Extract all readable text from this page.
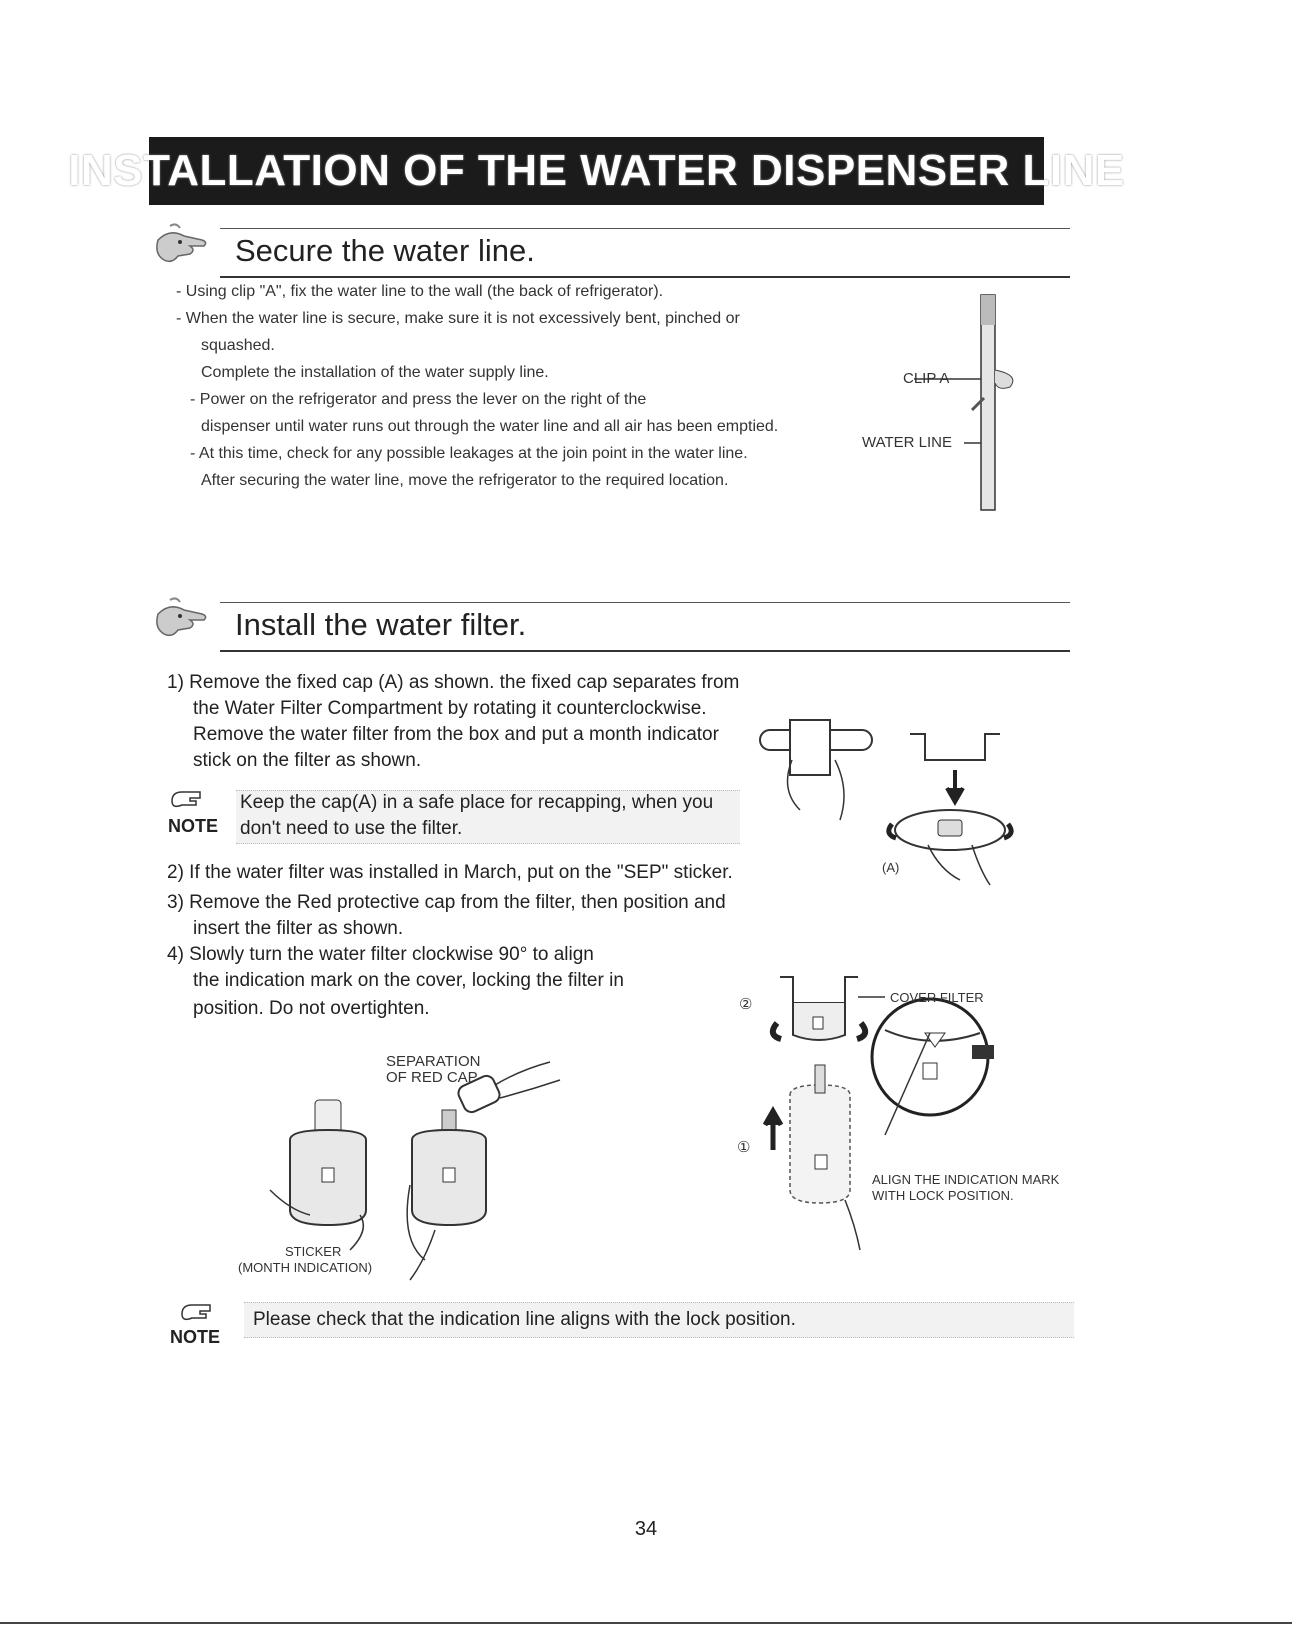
INSTALLATION OF THE WATER DISPENSER LINE
Secure the water line.
- Using clip "A", fix the water line to the wall (the back of refrigerator).
- When the water line is secure, make sure it is not excessively bent, pinched or
squashed.
Complete the installation of the water supply line.
- Power on the refrigerator and press the lever on the right of the
dispenser until water runs out through the water line and all air has been emptied.
- At this time, check for any possible leakages at the join point in the water line.
After securing the water line, move the refrigerator to the required location.
CLIP A
WATER LINE
Install the water filter.
1) Remove the fixed cap (A) as shown. the fixed cap separates from
the Water Filter Compartment by rotating it counterclockwise.
Remove the water filter from the box and put a month indicator
stick on the filter as shown.
NOTE
Keep the cap(A) in a safe place for recapping, when you
don't need to use the filter.
2) If the water filter was installed in March, put on the "SEP" sticker.
3) Remove the Red protective cap from the filter, then position and
insert the filter as shown.
4) Slowly turn the water filter clockwise 90° to align
the indication mark on the cover, locking the filter in
position. Do not overtighten.
(A)
SEPARATION
OF RED CAP
STICKER
(MONTH INDICATION)
COVER FILTER
②
①
ALIGN THE INDICATION MARK
WITH LOCK POSITION.
NOTE
Please check that the indication line aligns with the lock position.
34
